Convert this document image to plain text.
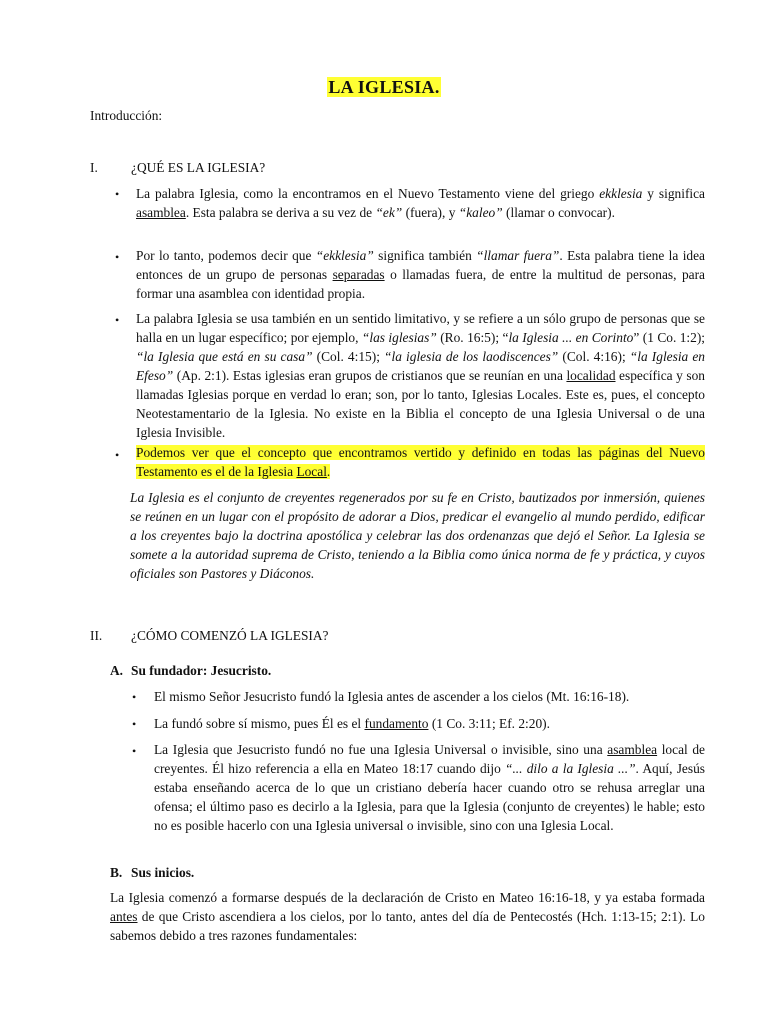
LA IGLESIA.
Introducción:
I. ¿QUÉ ES LA IGLESIA?
• La palabra Iglesia, como la encontramos en el Nuevo Testamento viene del griego ekklesia y significa asamblea. Esta palabra se deriva a su vez de “ek” (fuera), y “kaleo” (llamar o convocar).
• Por lo tanto, podemos decir que “ekklesia” significa también “llamar fuera”. Esta palabra tiene la idea entonces de un grupo de personas separadas o llamadas fuera, de entre la multitud de personas, para formar una asamblea con identidad propia.
• La palabra Iglesia se usa también en un sentido limitativo, y se refiere a un sólo grupo de personas que se halla en un lugar específico; por ejemplo, “las iglesias” (Ro. 16:5); “la Iglesia ... en Corinto” (1 Co. 1:2); “la Iglesia que está en su casa” (Col. 4:15); “la iglesia de los laodiscences” (Col. 4:16); “la Iglesia en Efeso” (Ap. 2:1). Estas iglesias eran grupos de cristianos que se reunían en una localidad específica y son llamadas Iglesias porque en verdad lo eran; son, por lo tanto, Iglesias Locales. Este es, pues, el concepto Neotestamentario de la Iglesia. No existe en la Biblia el concepto de una Iglesia Universal o de una Iglesia Invisible.
• Podemos ver que el concepto que encontramos vertido y definido en todas las páginas del Nuevo Testamento es el de la Iglesia Local.
La Iglesia es el conjunto de creyentes regenerados por su fe en Cristo, bautizados por inmersión, quienes se reúnen en un lugar con el propósito de adorar a Dios, predicar el evangelio al mundo perdido, edificar a los creyentes bajo la doctrina apostólica y celebrar las dos ordenanzas que dejó el Señor. La Iglesia se somete a la autoridad suprema de Cristo, teniendo a la Biblia como única norma de fe y práctica, y cuyos oficiales son Pastores y Diáconos.
II. ¿CÓMO COMENZÓ LA IGLESIA?
A. Su fundador: Jesucristo.
• El mismo Señor Jesucristo fundó la Iglesia antes de ascender a los cielos (Mt. 16:16-18).
• La fundó sobre sí mismo, pues Él es el fundamento (1 Co. 3:11; Ef. 2:20).
• La Iglesia que Jesucristo fundó no fue una Iglesia Universal o invisible, sino una asamblea local de creyentes. Él hizo referencia a ella en Mateo 18:17 cuando dijo “... dilo a la Iglesia ...”. Aquí, Jesús estaba enseñando acerca de lo que un cristiano debería hacer cuando otro se rehusa arreglar una ofensa; el último paso es decirlo a la Iglesia, para que la Iglesia (conjunto de creyentes) le hable; esto no es posible hacerlo con una Iglesia universal o invisible, sino con una Iglesia Local.
B. Sus inicios.
La Iglesia comenzó a formarse después de la declaración de Cristo en Mateo 16:16-18, y ya estaba formada antes de que Cristo ascendiera a los cielos, por lo tanto, antes del día de Pentecostés (Hch. 1:13-15; 2:1). Lo sabemos debido a tres razones fundamentales:
